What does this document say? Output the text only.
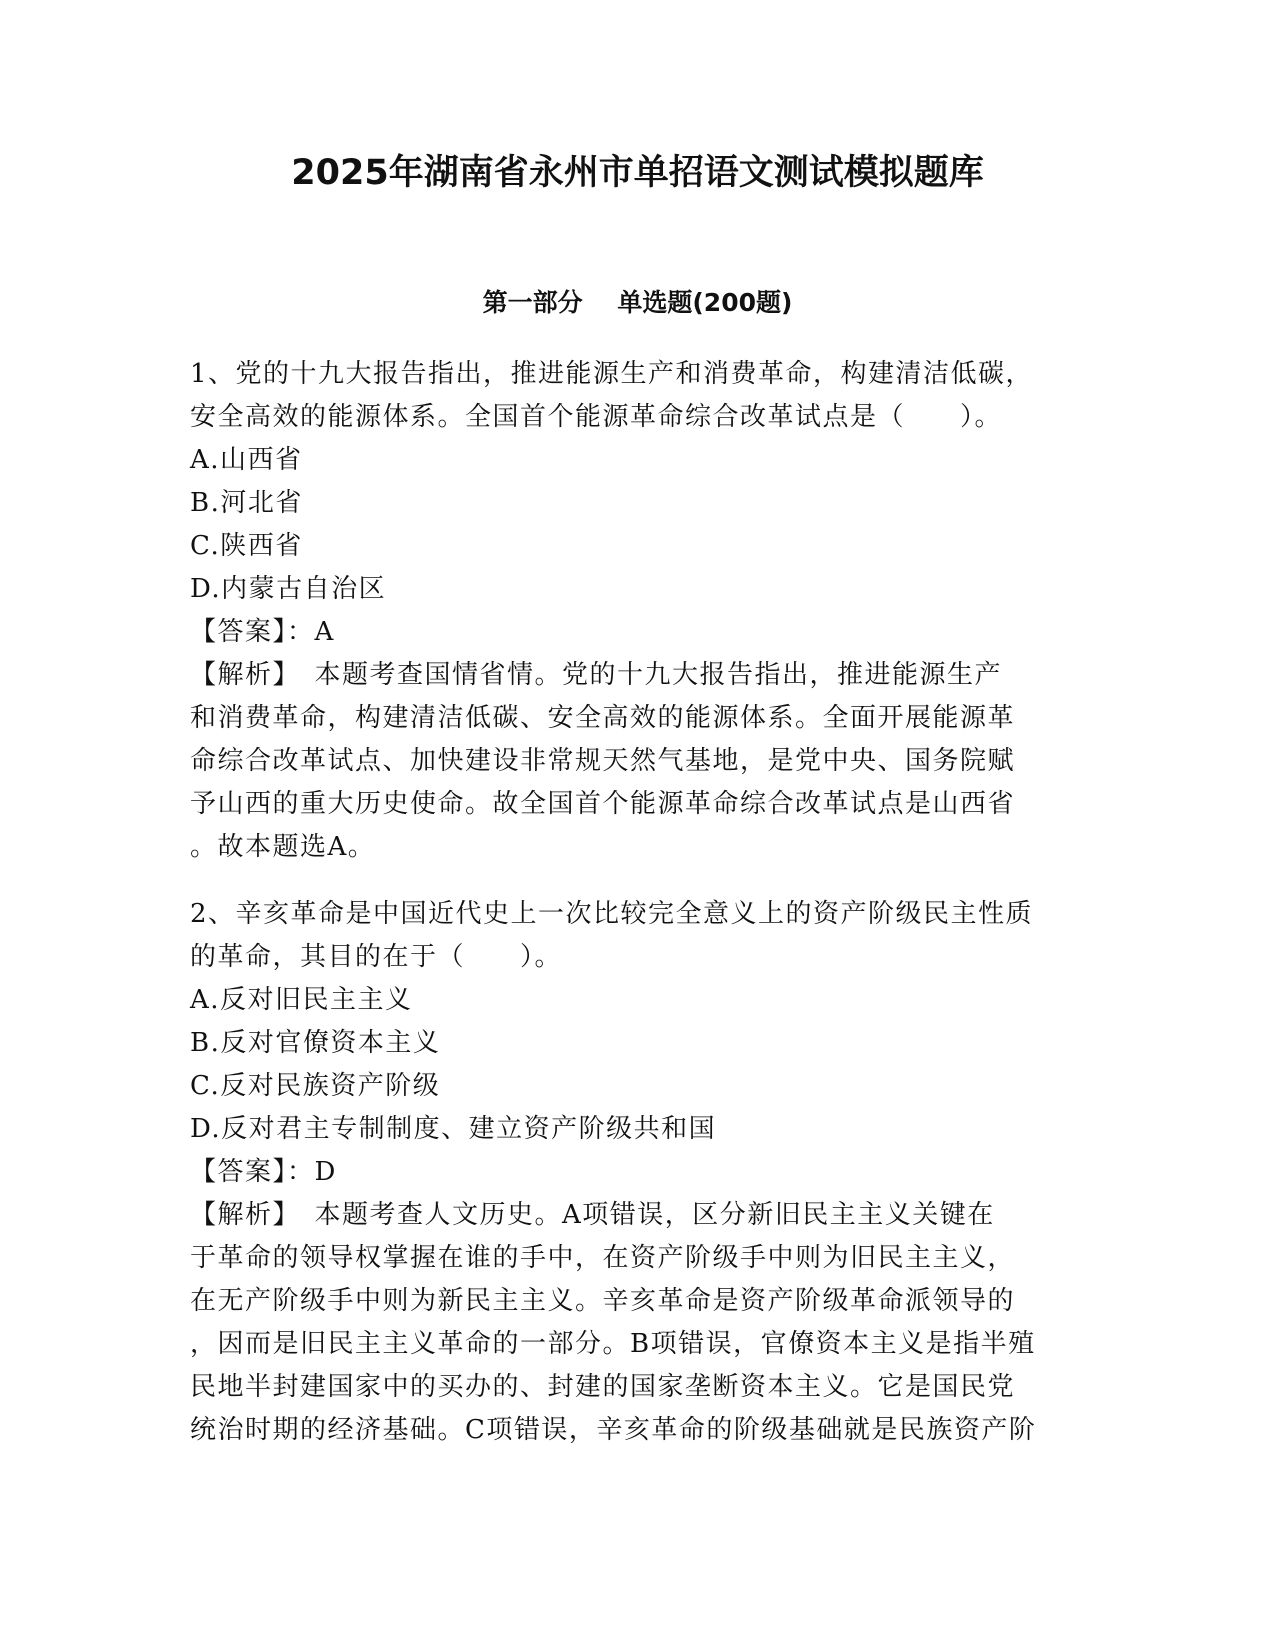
2025年湖南省永州市单招语文测试模拟题库
第一部分    单选题(200题)
1、党的十九大报告指出，推进能源生产和消费革命，构建清洁低碳，
安全高效的能源体系。全国首个能源革命综合改革试点是（　　）。
A.山西省
B.河北省
C.陕西省
D.内蒙古自治区
【答案】：A
【解析】　本题考查国情省情。党的十九大报告指出，推进能源生产
和消费革命，构建清洁低碳、安全高效的能源体系。全面开展能源革
命综合改革试点、加快建设非常规天然气基地，是党中央、国务院赋
予山西的重大历史使命。故全国首个能源革命综合改革试点是山西省
。故本题选A。
2、辛亥革命是中国近代史上一次比较完全意义上的资产阶级民主性质
的革命，其目的在于（　　）。
A.反对旧民主主义
B.反对官僚资本主义
C.反对民族资产阶级
D.反对君主专制制度、建立资产阶级共和国
【答案】：D
【解析】　本题考查人文历史。A项错误，区分新旧民主主义关键在
于革命的领导权掌握在谁的手中，在资产阶级手中则为旧民主主义，
在无产阶级手中则为新民主主义。辛亥革命是资产阶级革命派领导的
，因而是旧民主主义革命的一部分。B项错误，官僚资本主义是指半殖
民地半封建国家中的买办的、封建的国家垄断资本主义。它是国民党
统治时期的经济基础。C项错误，辛亥革命的阶级基础就是民族资产阶
